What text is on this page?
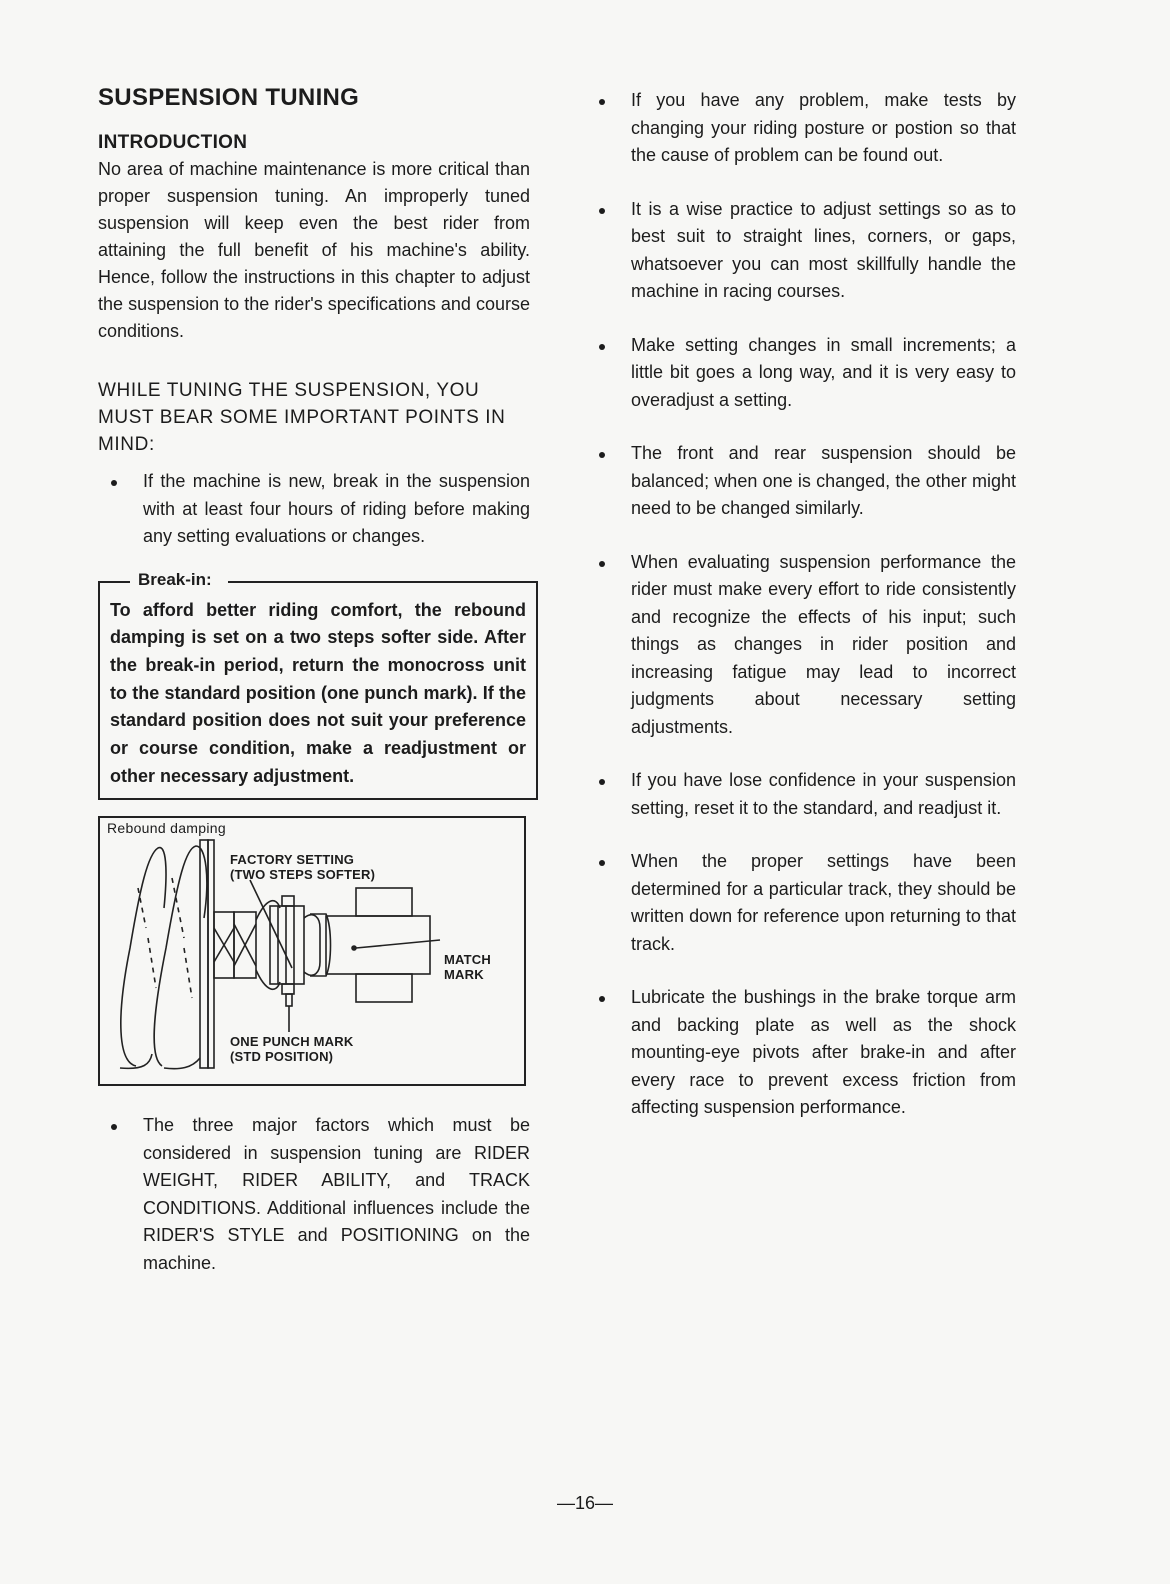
SUSPENSION TUNING
INTRODUCTION

No area of machine maintenance is more critical than proper suspension tuning. An improperly tuned suspension will keep even the best rider from attaining the full benefit of his machine's ability. Hence, follow the instructions in this chapter to adjust the suspension to the rider's specifications and course conditions.

WHILE TUNING THE SUSPENSION, YOU MUST BEAR SOME IMPORTANT POINTS IN MIND:

If the machine is new, break in the suspension with at least four hours of riding before making any setting evaluations or changes.

Break-in:

To afford better riding comfort, the rebound damping is set on a two steps softer side. After the break-in period, return the monocross unit to the standard position (one punch mark). If the standard position does not suit your preference or course condition, make a readjustment or other necessary adjustment.

Rebound damping
FACTORY SETTING
(TWO STEPS SOFTER)
MATCH
MARK
ONE PUNCH MARK
(STD POSITION)

The three major factors which must be considered in suspension tuning are RIDER WEIGHT, RIDER ABILITY, and TRACK CONDITIONS. Additional influences include the RIDER'S STYLE and POSITIONING on the machine.

If you have any problem, make tests by changing your riding posture or postion so that the cause of problem can be found out.

It is a wise practice to adjust settings so as to best suit to straight lines, corners, or gaps, whatsoever you can most skillfully handle the machine in racing courses.

Make setting changes in small increments; a little bit goes a long way, and it is very easy to overadjust a setting.

The front and rear suspension should be balanced; when one is changed, the other might need to be changed similarly.

When evaluating suspension performance the rider must make every effort to ride consistently and recognize the effects of his input; such things as changes in rider position and increasing fatigue may lead to incorrect judgments about necessary setting adjustments.

If you have lose confidence in your suspension setting, reset it to the standard, and readjust it.

When the proper settings have been determined for a particular track, they should be written down for reference upon returning to that track.

Lubricate the bushings in the brake torque arm and backing plate as well as the shock mounting-eye pivots after brake-in and after every race to prevent excess friction from affecting suspension performance.

—16—
